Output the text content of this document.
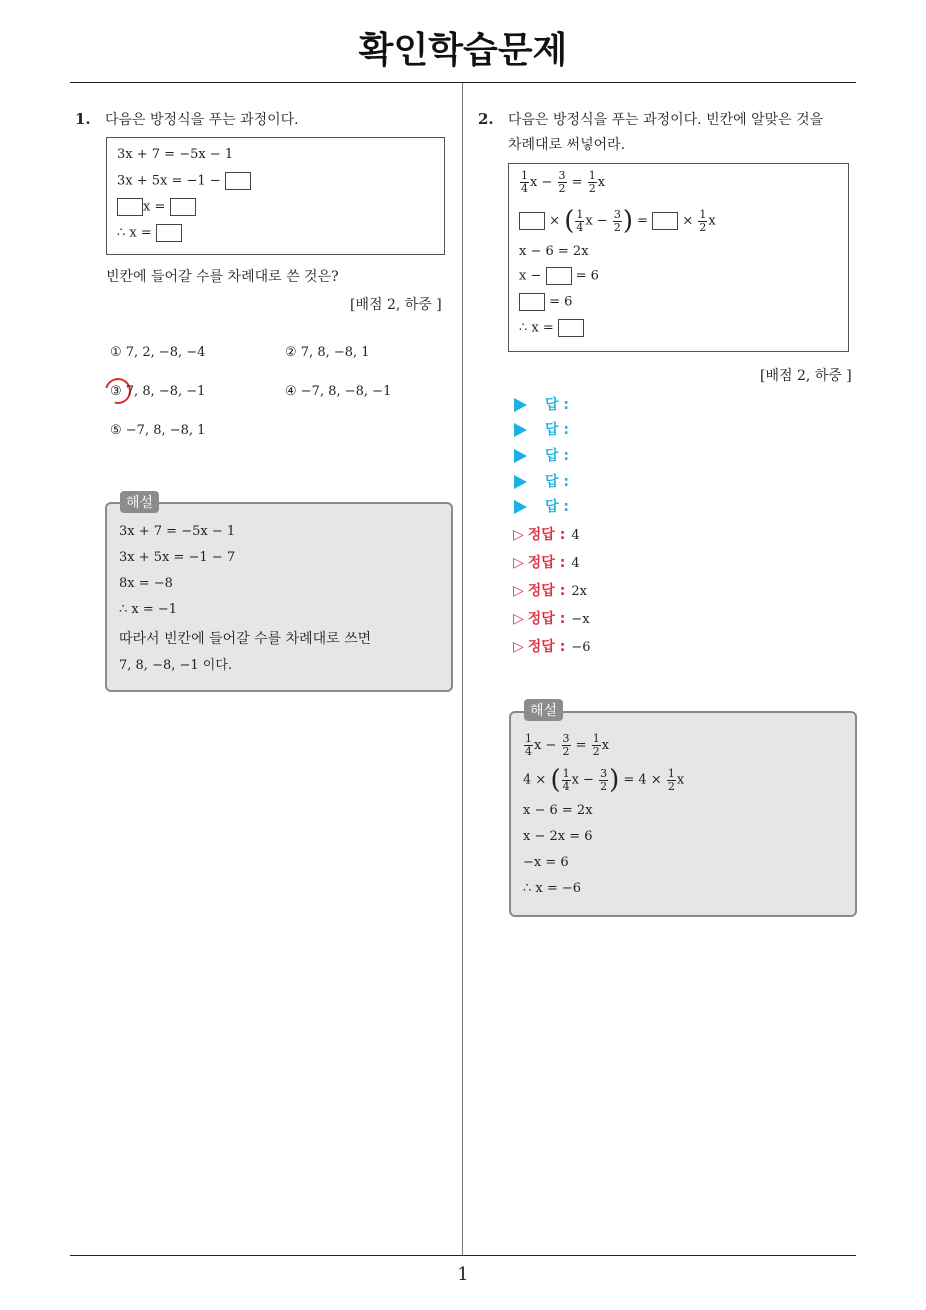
확인학습문제
1
1. 다음은 방정식을 푸는 과정이다.
3x + 7 = −5x − 1
3x + 5x = −1 −
x =
∴ x =
빈칸에 들어갈 수를 차례대로 쓴 것은?
[배점 2, 하중 ]
① 7, 2, −8, −4	② 7, 8, −8, 1
③ 7, 8, −8, −1	④ −7, 8, −8, −1
⑤ −7, 8, −8, 1
3x + 7 = −5x − 1
3x + 5x = −1 − 7
8x = −8
∴ x = −1
따라서 빈칸에 들어갈 수를 차례대로 쓰면
7, 8, −8, −1 이다.
해설
2. 다음은 방정식을 푸는 과정이다. 빈칸에 알맞은 것을
차례대로 써넣어라.
$\frac{1}{4}$ $x - \frac{3}{2} = \frac{1}{2}$ x
× ( $\frac{1}{4}$ $x - \frac{3}{2}$ ) =	× $\frac{1}{2}$ x
x − 6 = 2x
x −	= 6
= 6
∴ x =
[배점 2, 하중 ]
답 :
답 :
답 :
답 :
답 :
▷ 정답 : 4
▷ 정답 : 4
▷ 정답 : 2x
▷ 정답 : −x
▷ 정답 : −6
$\frac{1}{4}$ $x - \frac{3}{2} = \frac{1}{2}$ x
4 × ( $\frac{1}{4}$ $x - \frac{3}{2}$ ) = $4 \times \frac{1}{2}$ x
x − 6 = 2x
x − 2x = 6
−x = 6
∴ x = −6
해설
